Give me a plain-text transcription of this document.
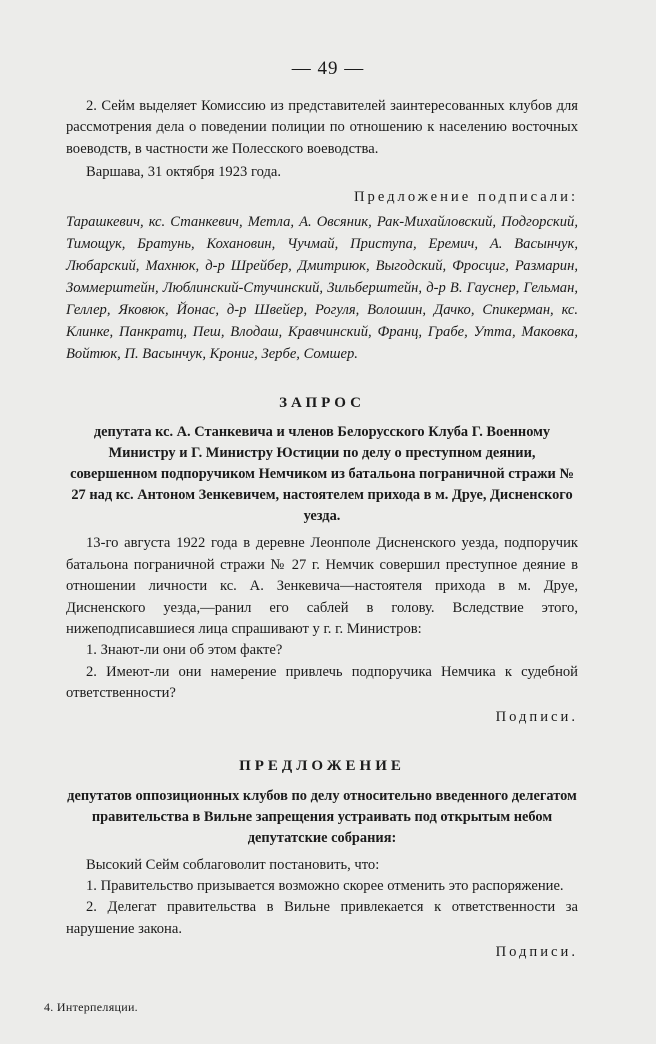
— 49 —

2. Сейм выделяет Комиссию из представителей заинтересованных клубов для рассмотрения дела о поведении полиции по отношению к населению восточных воеводств, в частности же Полесского воеводства.

Варшава, 31 октября 1923 года.

Предложение подписали:

Тарашкевич, кс. Станкевич, Метла, А. Овсяник, Рак-Михайловский, Подгорский, Тимощук, Братунь, Кохановин, Чучмай, Приступа, Еремич, А. Васынчук, Любарский, Махнюк, д-р Шрейбер, Дмитриюк, Выгодский, Фросциг, Размарин, Зоммерштейн, Люблинский-Стучинский, Зильберштейн, д-р В. Гауснер, Гельман, Геллер, Яковюк, Йонас, д-р Швейер, Рогуля, Волошин, Дачко, Спикерман, кс. Клинке, Панкратц, Пеш, Влодаш, Кравчинский, Франц, Грабе, Утта, Маковка, Войтюк, П. Васынчук, Крониг, Зербе, Сомшер.

ЗАПРОС

депутата кс. А. Станкевича и членов Белорусского Клуба Г. Военному Министру и Г. Министру Юстиции по делу о преступном деянии, совершенном подпоручиком Немчиком из батальона пограничной стражи № 27 над кс. Антоном Зенкевичем, настоятелем прихода в м. Друе, Дисненского уезда.

13-го августа 1922 года в деревне Леонполе Дисненского уезда, подпоручик батальона пограничной стражи № 27 г. Немчик совершил преступное деяние в отношении личности кс. А. Зенкевича—настоятеля прихода в м. Друе, Дисненского уезда,—ранил его саблей в голову. Вследствие этого, нижеподписавшиеся лица спрашивают у г. г. Министров:

1. Знают-ли они об этом факте?

2. Имеют-ли они намерение привлечь подпоручика Немчика к судебной ответственности?

Подписи.

ПРЕДЛОЖЕНИЕ

депутатов оппозиционных клубов по делу относительно введенного делегатом правительства в Вильне запрещения устраивать под открытым небом депутатские собрания:

Высокий Сейм соблаговолит постановить, что:

1. Правительство призывается возможно скорее отменить это распоряжение.

2. Делегат правительства в Вильне привлекается к ответственности за нарушение закона.

Подписи.

4. Интерпеляции.
